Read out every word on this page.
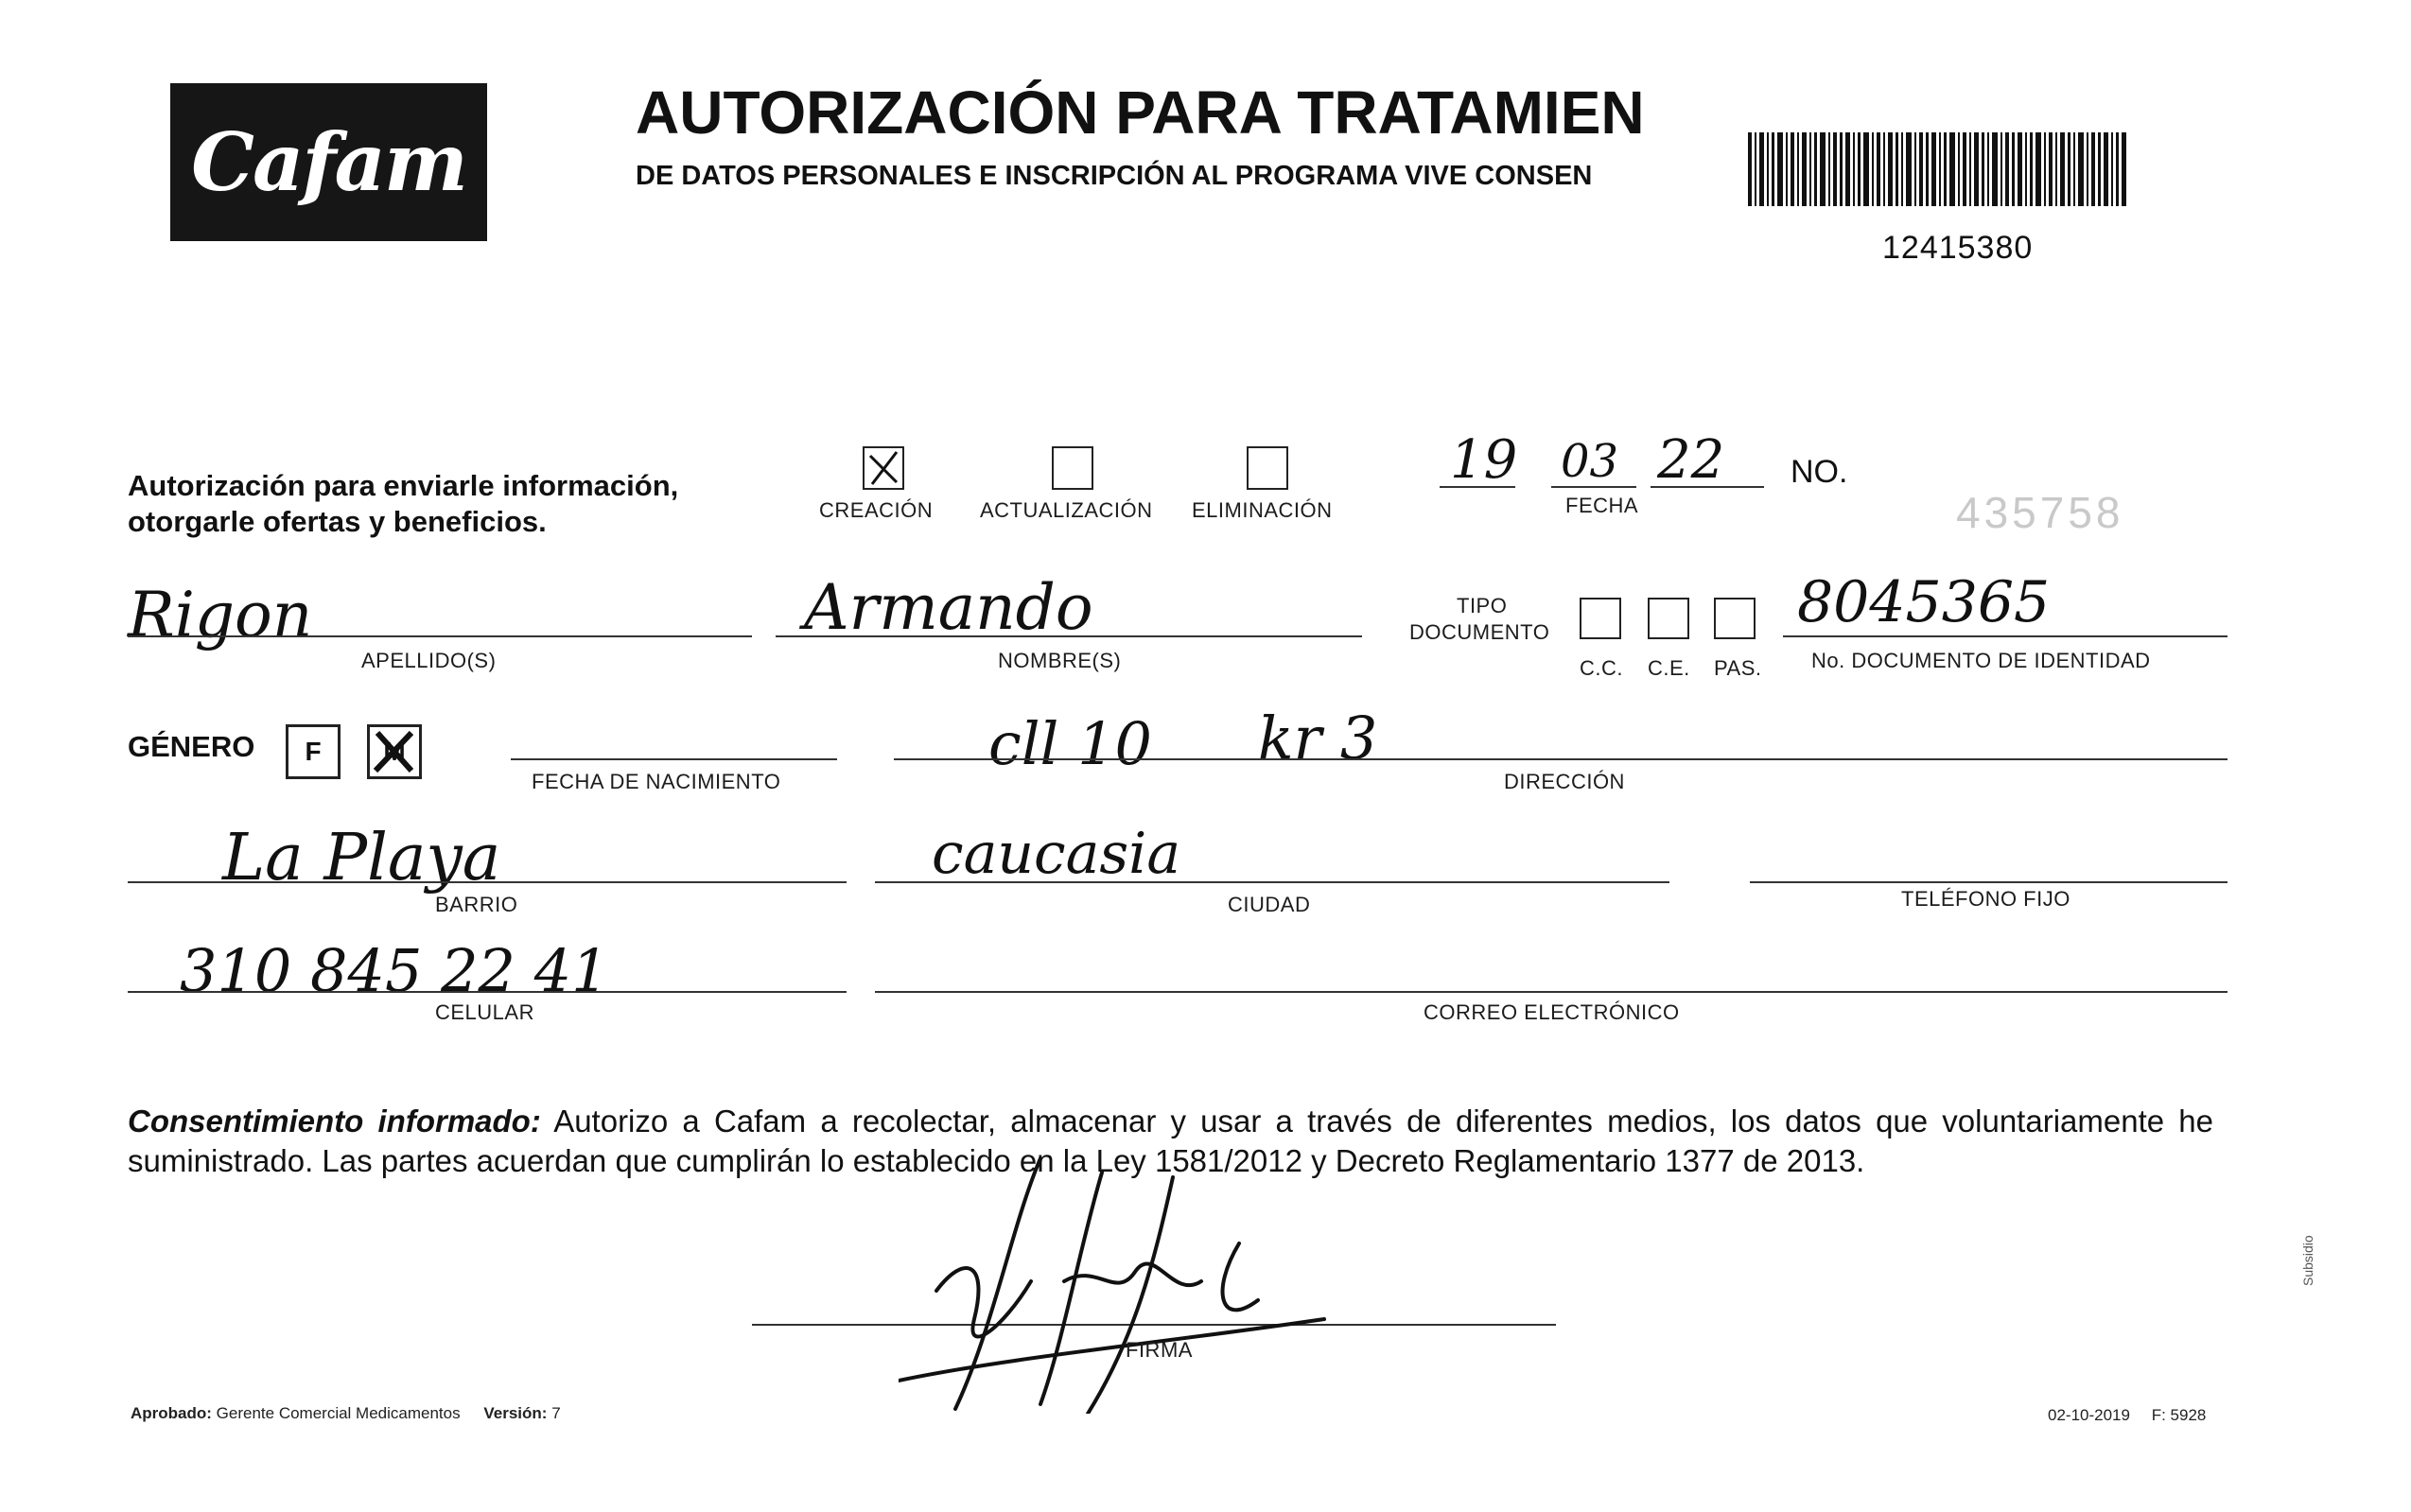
Cafam
AUTORIZACIÓN PARA TRATAMIEN
DE DATOS PERSONALES E INSCRIPCIÓN AL PROGRAMA VIVE CONSEN
12415380
Autorización para enviarle información,
otorgarle ofertas y beneficios.	CREACIÓN ACTUALIZACIÓN ELIMINACIÓN
19 03 22
FECHA
NO.
435758
Rigon
APELLIDO(S)
Armando
NOMBRE(S)
TIPO
DOCUMENTO
C.C. C.E. PAS.
8045365
No. DOCUMENTO DE IDENTIDAD
GÉNERO F M
FECHA DE NACIMIENTO
cll 10 kr 3
DIRECCIÓN
La Playa
BARRIO
caucasia
CIUDAD	TELÉFONO FIJO
310 845 22 41
CELULAR	CORREO ELECTRÓNICO
Consentimiento informado: Autorizo a Cafam a recolectar, almacenar y usar a través de diferentes medios, los datos que voluntariamente he suministrado. Las partes acuerdan que cumplirán lo establecido en la Ley 1581/2012 y Decreto Reglamentario 1377 de 2013.
FIRMA
Aprobado: Gerente Comercial Medicamentos Versión: 7	02-10-2019 F: 5928
Subsidio
